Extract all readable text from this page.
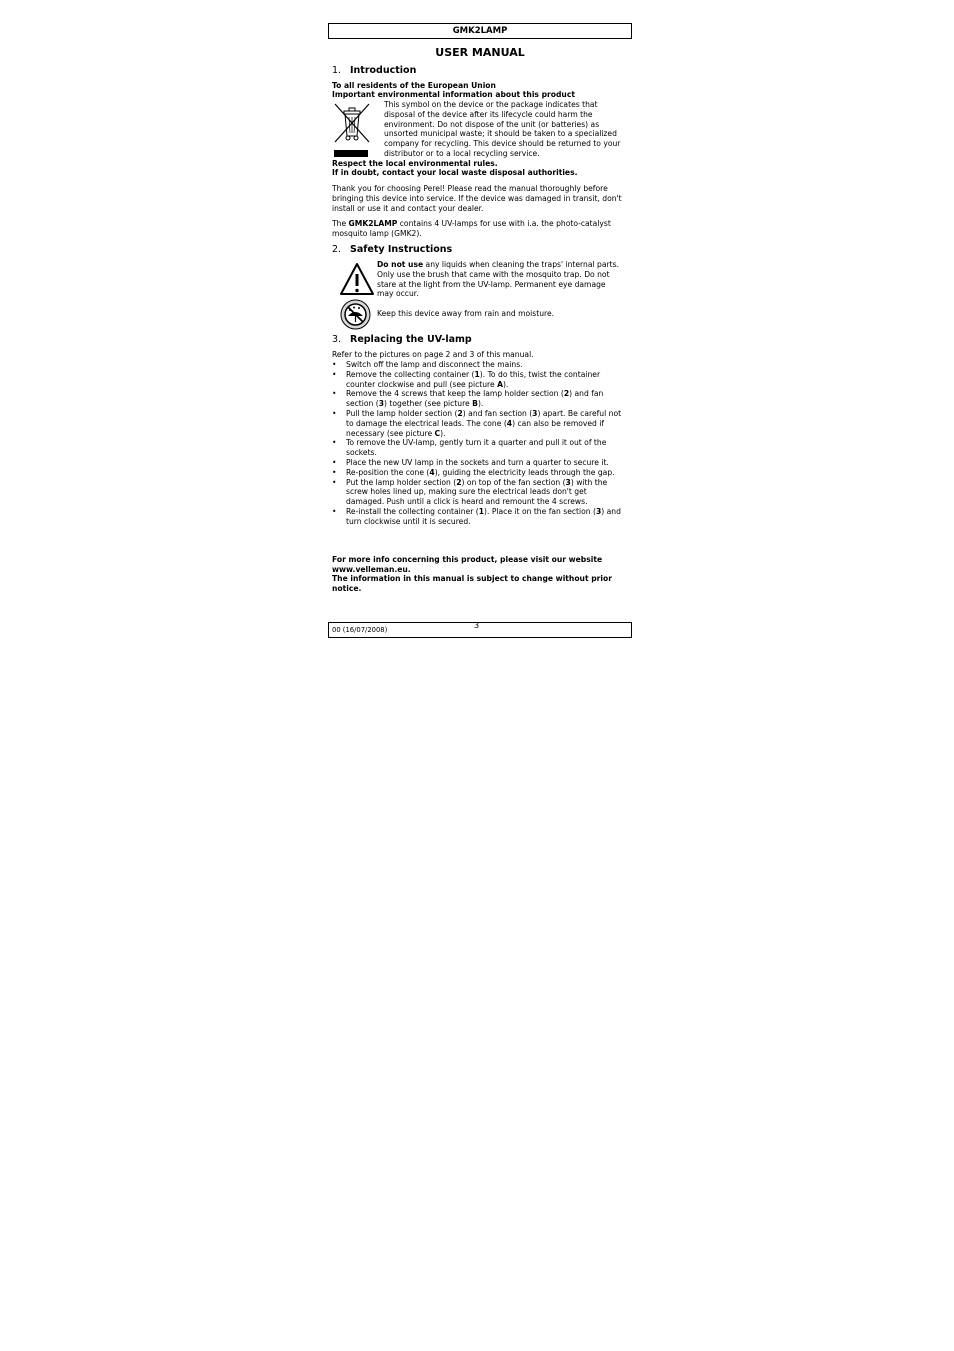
GMK2LAMP
USER MANUAL
1. Introduction
To all residents of the European Union
Important environmental information about this product
This symbol on the device or the package indicates that disposal of the device after its lifecycle could harm the environment. Do not dispose of the unit (or batteries) as unsorted municipal waste; it should be taken to a specialized company for recycling. This device should be returned to your distributor or to a local recycling service.
Respect the local environmental rules.
If in doubt, contact your local waste disposal authorities.
Thank you for choosing Perel! Please read the manual thoroughly before bringing this device into service. If the device was damaged in transit, don't install or use it and contact your dealer.
The GMK2LAMP contains 4 UV-lamps for use with i.a. the photo-catalyst mosquito lamp (GMK2).
2. Safety Instructions
Do not use any liquids when cleaning the traps' internal parts. Only use the brush that came with the mosquito trap. Do not stare at the light from the UV-lamp. Permanent eye damage may occur.
Keep this device away from rain and moisture.
3. Replacing the UV-lamp
Refer to the pictures on page 2 and 3 of this manual.
• Switch off the lamp and disconnect the mains.
• Remove the collecting container (1). To do this, twist the container counter clockwise and pull (see picture A).
• Remove the 4 screws that keep the lamp holder section (2) and fan section (3) together (see picture B).
• Pull the lamp holder section (2) and fan section (3) apart. Be careful not to damage the electrical leads. The cone (4) can also be removed if necessary (see picture C).
• To remove the UV-lamp, gently turn it a quarter and pull it out of the sockets.
• Place the new UV lamp in the sockets and turn a quarter to secure it.
• Re-position the cone (4), guiding the electricity leads through the gap.
• Put the lamp holder section (2) on top of the fan section (3) with the screw holes lined up, making sure the electrical leads don't get damaged. Push until a click is heard and remount the 4 screws.
• Re-install the collecting container (1). Place it on the fan section (3) and turn clockwise until it is secured.
For more info concerning this product, please visit our website www.velleman.eu.
The information in this manual is subject to change without prior notice.
00 (16/07/2008)	3
